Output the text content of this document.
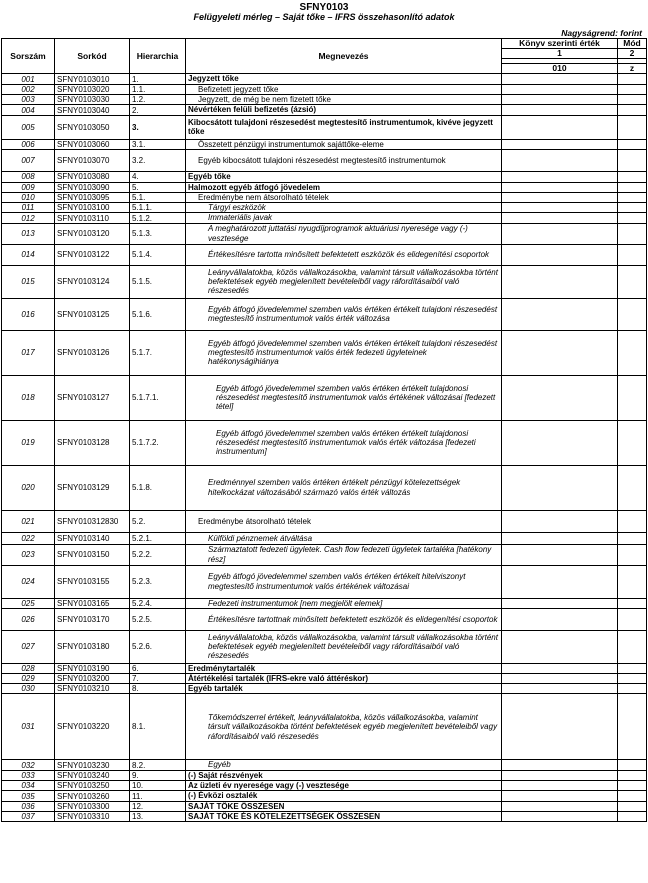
SFNY0103
Felügyeleti mérleg – Saját tőke – IFRS összehasonlító adatok
Nagyságrend: forint
Sorszám	Sorkód	Hierarchia	Megnevezés	Könyv szerinti érték	Mód
				1	2

				010	z
001	SFNY0103010	1.	Jegyzett tőke		
002	SFNY0103020	1.1.	Befizetett jegyzett tőke		
003	SFNY0103030	1.2.	Jegyzett, de még be nem fizetett tőke		
004	SFNY0103040	2.	Névértéken felüli befizetés (ázsió)		
005	SFNY0103050	3.	Kibocsátott tulajdoni részesedést megtestesítő instrumentumok, kivéve jegyzett tőke		
006	SFNY0103060	3.1.	Összetett pénzügyi instrumentumok sajáttőke-eleme		
007	SFNY0103070	3.2.	Egyéb kibocsátott tulajdoni részesedést megtestesítő instrumentumok		
008	SFNY0103080	4.	Egyéb tőke		
009	SFNY0103090	5.	Halmozott egyéb átfogó jövedelem		
010	SFNY0103095	5.1.	Eredménybe nem átsorolható tételek		
011	SFNY0103100	5.1.1.	Tárgyi eszközök		
012	SFNY0103110	5.1.2.	Immateriális javak		
013	SFNY0103120	5.1.3.	A meghatározott juttatási nyugdíjprogramok aktuáriusi nyeresége vagy (-) vesztesége		
014	SFNY0103122	5.1.4.	Értékesítésre tartotta minősített befektetett eszközök és elidegenítési csoportok		
015	SFNY0103124	5.1.5.	Leányvállalatokba, közös vállalkozásokba, valamint társult vállalkozásokba történt befektetések egyéb megjelenített bevételeiből vagy ráfordításaiból való részesedés		
016	SFNY0103125	5.1.6.	Egyéb átfogó jövedelemmel szemben valós értéken értékelt tulajdoni részesedést megtestesítő instrumentumok valós érték változása		
017	SFNY0103126	5.1.7.	Egyéb átfogó jövedelemmel szemben valós értéken értékelt tulajdoni részesedést megtestesítő instrumentumok valós érték fedezeti ügyleteinek hatékonyságihiánya		
018	SFNY0103127	5.1.7.1.	Egyéb átfogó jövedelemmel szemben valós értéken értékelt tulajdonosi részesedést megtestesítő instrumentumok valós értékének változásai [fedezett tétel]		
019	SFNY0103128	5.1.7.2.	Egyéb átfogó jövedelemmel szemben valós értéken értékelt tulajdonosi részesedést megtestesítő instrumentumok valós érték változása [fedezeti instrumentum]		
020	SFNY0103129	5.1.8.	Eredménnyel szemben valós értéken értékelt pénzügyi kötelezettségek hitelkockázat változásából származó valós érték változás		
021	SFNY010312830	5.2.	Eredménybe átsorolható tételek		
022	SFNY0103140	5.2.1.	Külföldi pénznemek átváltása		
023	SFNY0103150	5.2.2.	Származtatott fedezeti ügyletek. Cash flow fedezeti ügyletek tartaléka [hatékony rész]		
024	SFNY0103155	5.2.3.	Egyéb átfogó jövedelemmel szemben valós értéken értékelt hitelviszonyt megtestesítő instrumentumok valós értékének változásai		
025	SFNY0103165	5.2.4.	Fedezeti instrumentumok [nem megjelölt elemek]		
026	SFNY0103170	5.2.5.	Értékesítésre tartottnak minősített befektetett eszközök és elidegenítési csoportok		
027	SFNY0103180	5.2.6.	Leányvállalatokba, közös vállalkozásokba, valamint társult vállalkozásokba történt befektetések egyéb megjelenített bevételeiből vagy ráfordításaiból való részesedés		
028	SFNY0103190	6.	Eredménytartalék		
029	SFNY0103200	7.	Átértékelési tartalék (IFRS-ekre való áttéréskor)		
030	SFNY0103210	8.	Egyéb tartalék		
031	SFNY0103220	8.1.	Tőkemódszerrel értékelt, leányvállalatokba, közös vállalkozásokba, valamint társult vállalkozásokba történt befektetések egyéb megjelenített bevételeiből vagy ráfordításaiból való részesedés		
032	SFNY0103230	8.2.	Egyéb		
033	SFNY0103240	9.	(-) Saját részvények		
034	SFNY0103250	10.	Az üzleti év nyeresége vagy (-) vesztesége		
035	SFNY0103260	11.	(-) Évközi osztalék		
036	SFNY0103300	12.	SAJÁT TŐKE ÖSSZESEN		
037	SFNY0103310	13.	SAJÁT TŐKE ÉS KÖTELEZETTSÉGEK ÖSSZESEN		
